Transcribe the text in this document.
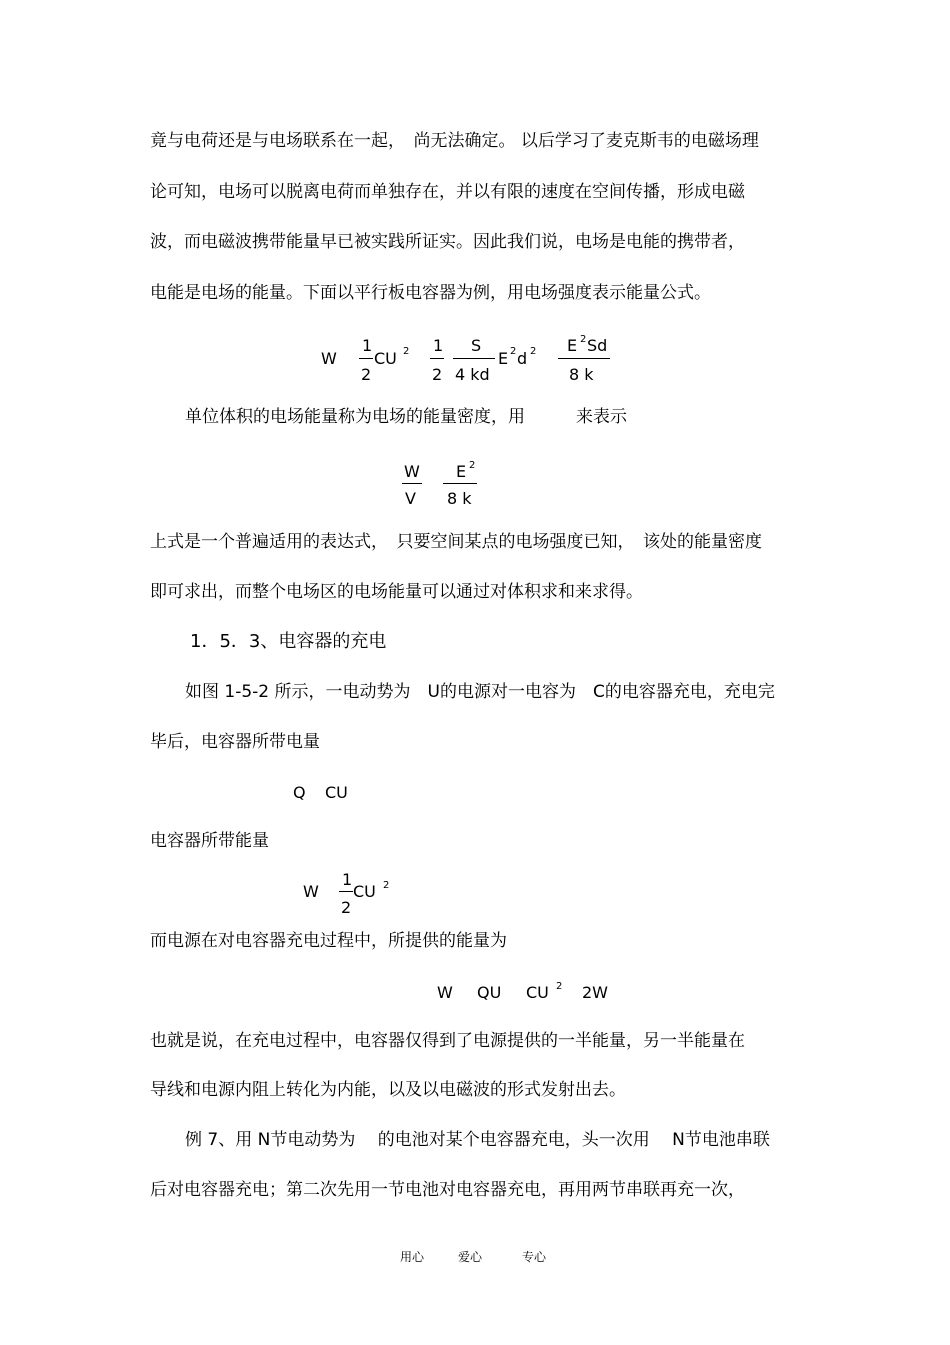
竟与电荷还是与电场联系在一起，　尚无法确定。 以后学习了麦克斯韦的电磁场理
论可知，电场可以脱离电荷而单独存在，并以有限的速度在空间传播，形成电磁
波，而电磁波携带能量早已被实践所证实。因此我们说，电场是电能的携带者，
电能是电场的能量。下面以平行板电容器为例，用电场强度表示能量公式。
W
1
2
CU 2 1
2
S
4 kd
E 2 d 2 E 2 Sd
8 k
单位体积的电场能量称为电场的能量密度，用　　　来表示
W
V
E 2
8 k
上式是一个普遍适用的表达式，　只要空间某点的电场强度已知，　该处的能量密度
即可求出，而整个电场区的电场能量可以通过对体积求和来求得。
1．5．3、电容器的充电
如图 1-5-2 所示，一电动势为　U的电源对一电容为　C的电容器充电，充电完
毕后，电容器所带电量
Q CU
电容器所带能量
W
1
2
CU 2
而电源在对电容器充电过程中，所提供的能量为
W QU CU 2 2W
也就是说，在充电过程中，电容器仅得到了电源提供的一半能量，另一半能量在
导线和电源内阻上转化为内能，以及以电磁波的形式发射出去。
例 7、用 N节电动势为　 的电池对某个电容器充电，头一次用　 N节电池串联
后对电容器充电；第二次先用一节电池对电容器充电，再用两节串联再充一次，
用心	爱心	专心
